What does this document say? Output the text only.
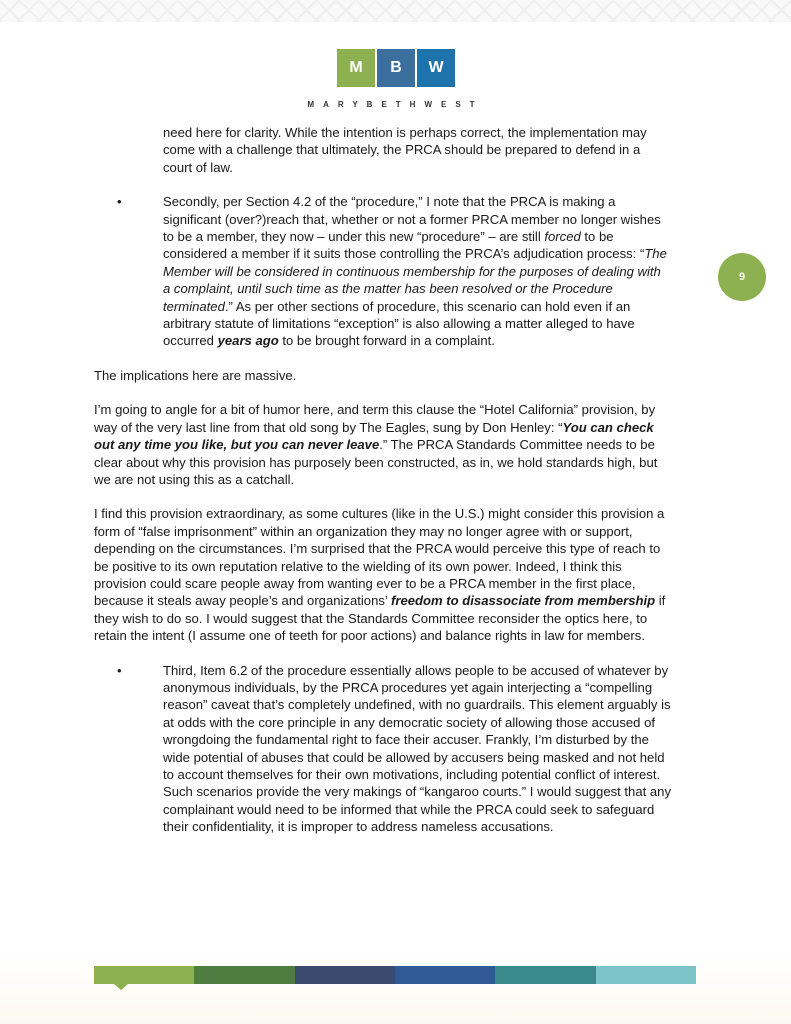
M	B	W
MARYBETHWEST
9
need here for clarity. While the intention is perhaps correct, the implementation may
come with a challenge that ultimately, the PRCA should be prepared to defend in a
court of law.
•	Secondly, per Section 4.2 of the “procedure,” I note that the PRCA is making a
significant (over?)reach that, whether or not a former PRCA member no longer wishes
to be a member, they now – under this new “procedure” – are still forced to be
considered a member if it suits those controlling the PRCA’s adjudication process: “The
Member will be considered in continuous membership for the purposes of dealing with
a complaint, until such time as the matter has been resolved or the Procedure
terminated.” As per other sections of procedure, this scenario can hold even if an
arbitrary statute of limitations “exception” is also allowing a matter alleged to have
occurred years ago to be brought forward in a complaint.
The implications here are massive.
I’m going to angle for a bit of humor here, and term this clause the “Hotel California” provision, by
way of the very last line from that old song by The Eagles, sung by Don Henley: “You can check
out any time you like, but you can never leave.” The PRCA Standards Committee needs to be
clear about why this provision has purposely been constructed, as in, we hold standards high, but
we are not using this as a catchall.
I find this provision extraordinary, as some cultures (like in the U.S.) might consider this provision a
form of “false imprisonment” within an organization they may no longer agree with or support,
depending on the circumstances. I’m surprised that the PRCA would perceive this type of reach to
be positive to its own reputation relative to the wielding of its own power. Indeed, I think this
provision could scare people away from wanting ever to be a PRCA member in the first place,
because it steals away people’s and organizations’ freedom to disassociate from membership if
they wish to do so. I would suggest that the Standards Committee reconsider the optics here, to
retain the intent (I assume one of teeth for poor actions) and balance rights in law for members.
•	Third, Item 6.2 of the procedure essentially allows people to be accused of whatever by
anonymous individuals, by the PRCA procedures yet again interjecting a “compelling
reason” caveat that’s completely undefined, with no guardrails. This element arguably is
at odds with the core principle in any democratic society of allowing those accused of
wrongdoing the fundamental right to face their accuser. Frankly, I’m disturbed by the
wide potential of abuses that could be allowed by accusers being masked and not held
to account themselves for their own motivations, including potential conflict of interest.
Such scenarios provide the very makings of “kangaroo courts.” I would suggest that any
complainant would need to be informed that while the PRCA could seek to safeguard
their confidentiality, it is improper to address nameless accusations.
